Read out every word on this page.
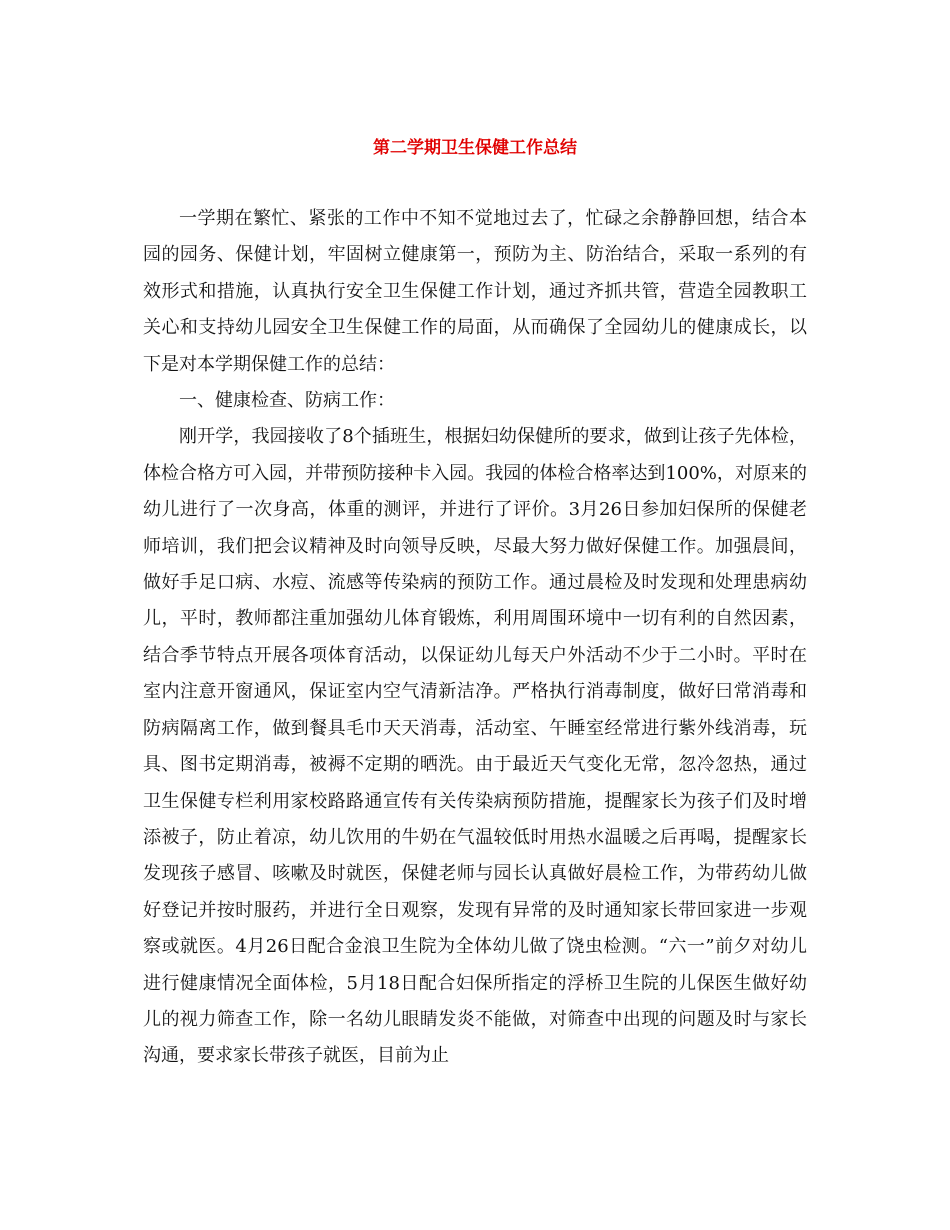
第二学期卫生保健工作总结

一学期在繁忙、紧张的工作中不知不觉地过去了，忙碌之余静静回想，结合本园的园务、保健计划，牢固树立健康第一，预防为主、防治结合，采取一系列的有效形式和措施，认真执行安全卫生保健工作计划，通过齐抓共管，营造全园教职工关心和支持幼儿园安全卫生保健工作的局面，从而确保了全园幼儿的健康成长，以下是对本学期保健工作的总结：

一、健康检查、防病工作：

刚开学，我园接收了8个插班生，根据妇幼保健所的要求，做到让孩子先体检，体检合格方可入园，并带预防接种卡入园。我园的体检合格率达到100%，对原来的幼儿进行了一次身高，体重的测评，并进行了评价。3月26日参加妇保所的保健老师培训，我们把会议精神及时向领导反映，尽最大努力做好保健工作。加强晨间，做好手足口病、水痘、流感等传染病的预防工作。通过晨检及时发现和处理患病幼儿，平时，教师都注重加强幼儿体育锻炼，利用周围环境中一切有利的自然因素，结合季节特点开展各项体育活动，以保证幼儿每天户外活动不少于二小时。平时在室内注意开窗通风，保证室内空气清新洁净。严格执行消毒制度，做好曰常消毒和防病隔离工作，做到餐具毛巾天天消毒，活动室、午睡室经常进行紫外线消毒，玩具、图书定期消毒，被褥不定期的晒洗。由于最近天气变化无常，忽冷忽热，通过卫生保健专栏利用家校路路通宣传有关传染病预防措施，提醒家长为孩子们及时增添被子，防止着凉，幼儿饮用的牛奶在气温较低时用热水温暖之后再喝，提醒家长发现孩子感冒、咳嗽及时就医，保健老师与园长认真做好晨检工作，为带药幼儿做好登记并按时服药，并进行全日观察，发现有异常的及时通知家长带回家进一步观察或就医。4月26日配合金浪卫生院为全体幼儿做了饶虫检测。“六一”前夕对幼儿进行健康情况全面体检，5月18日配合妇保所指定的浮桥卫生院的儿保医生做好幼儿的视力筛查工作，除一名幼儿眼睛发炎不能做，对筛查中出现的问题及时与家长沟通，要求家长带孩子就医，目前为止
